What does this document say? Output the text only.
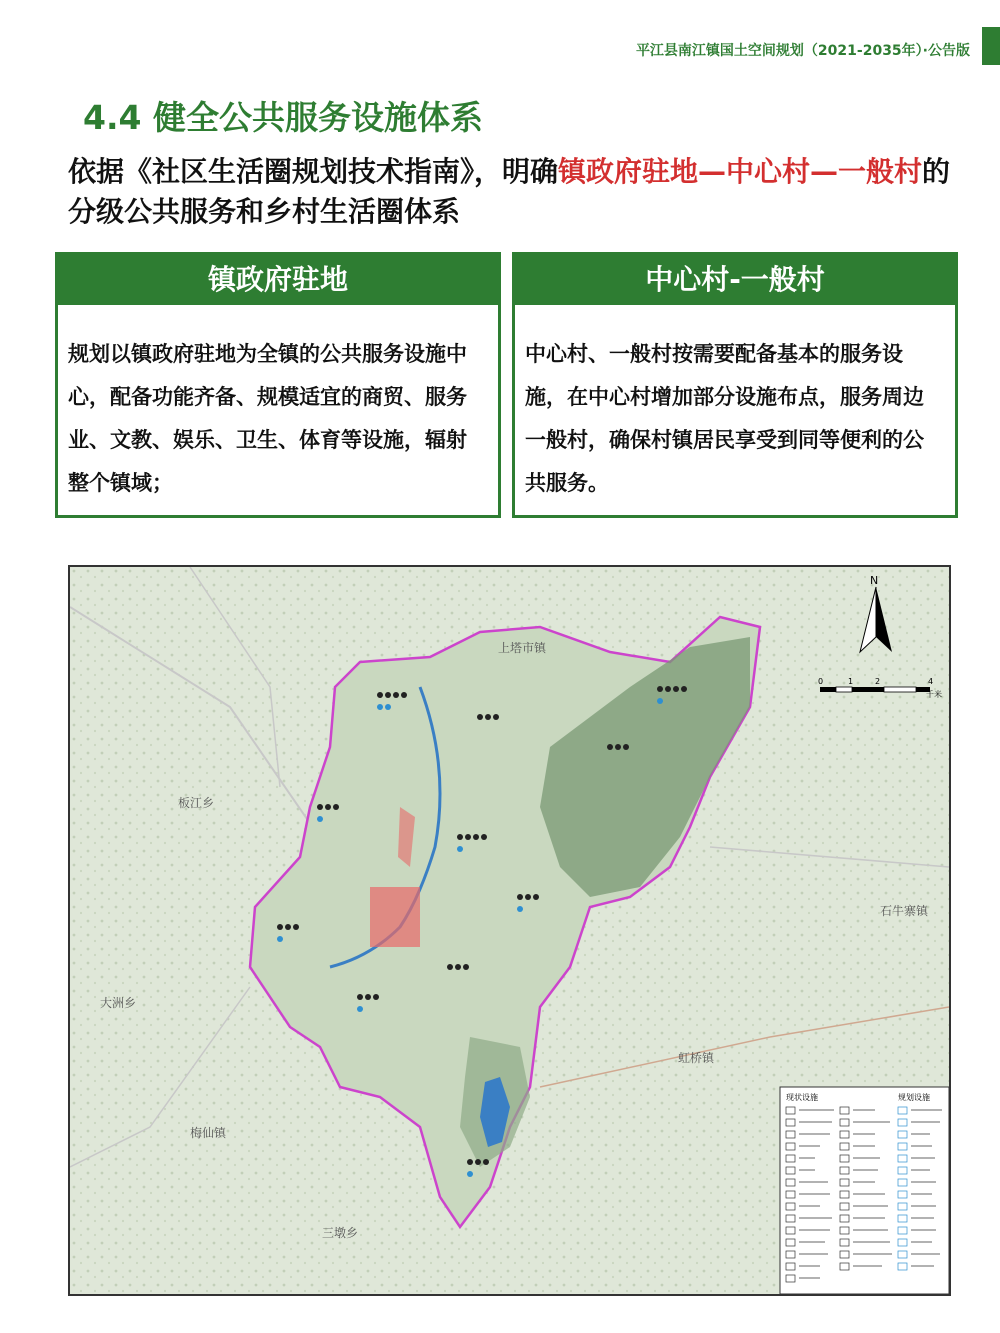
平江县南江镇国土空间规划（2021-2035年）·公告版
4.4 健全公共服务设施体系
依据《社区生活圈规划技术指南》，明确镇政府驻地—中心村—一般村的分级公共服务和乡村生活圈体系
镇政府驻地
规划以镇政府驻地为全镇的公共服务设施中心，配备功能齐备、规模适宜的商贸、服务业、文教、娱乐、卫生、体育等设施，辐射整个镇域；
中心村-一般村
中心村、一般村按需要配备基本的服务设施，在中心村增加部分设施布点，服务周边一般村，确保村镇居民享受到同等便利的公共服务。
上塔市镇
板江乡
石牛寨镇
大洲乡
虹桥镇
梅仙镇
三墩乡
N
0	1	2	4
千米
现状设施	规划设施
